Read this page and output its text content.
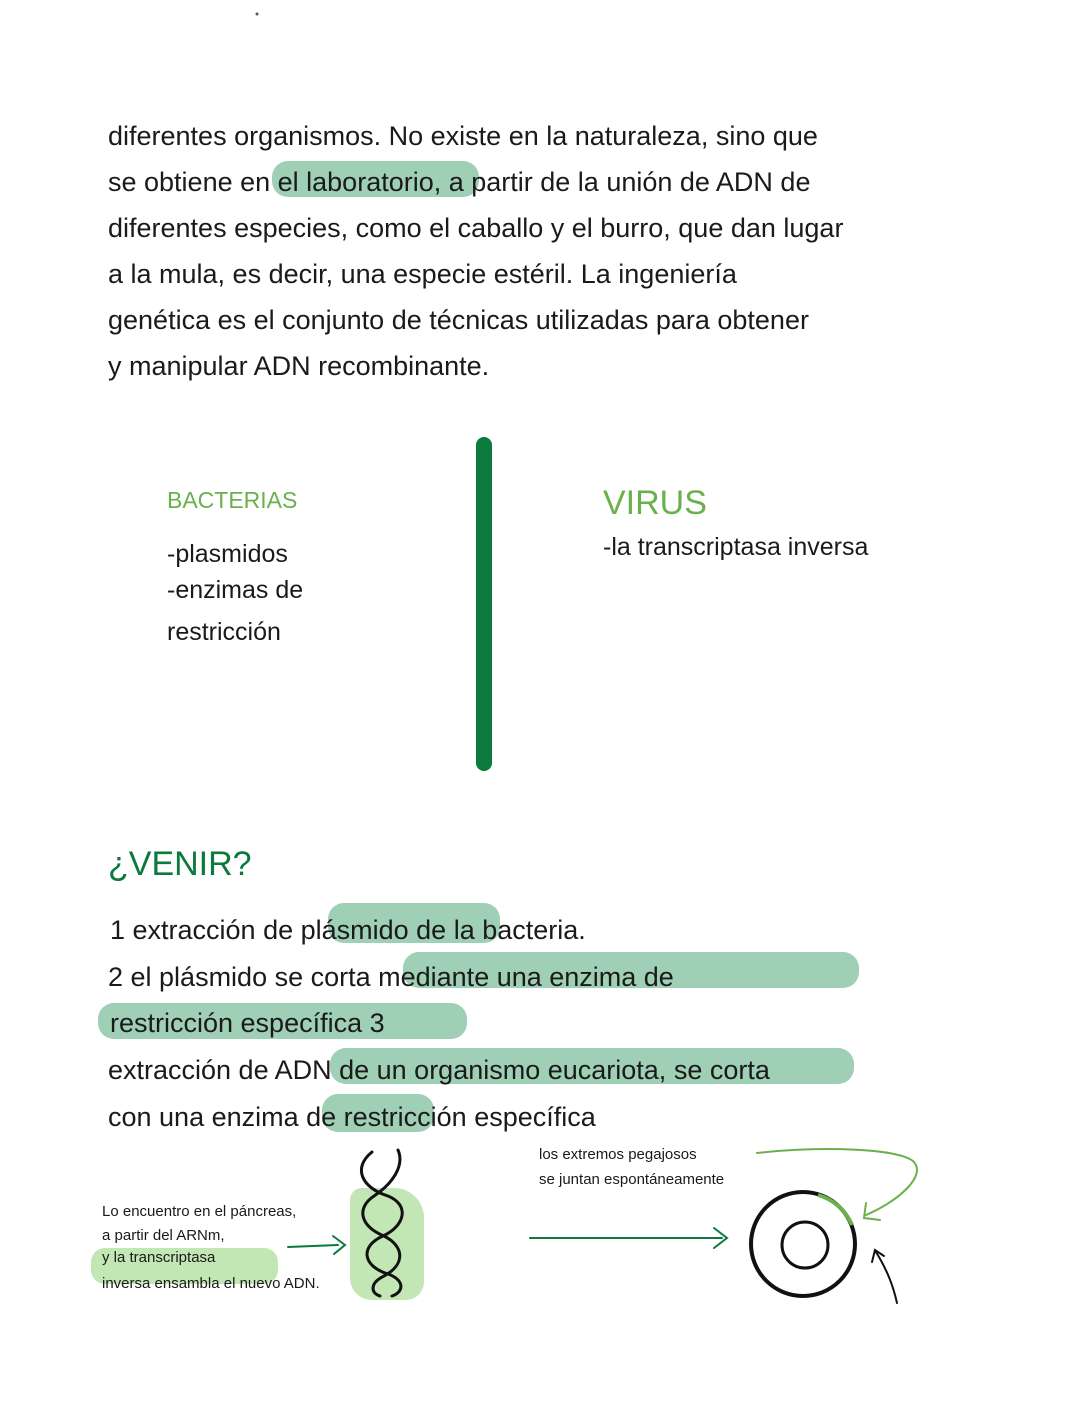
diferentes organismos. No existe en la naturaleza, sino que
se obtiene en el laboratorio, a partir de la unión de ADN de
diferentes especies, como el caballo y el burro, que dan lugar
a la mula, es decir, una especie estéril. La ingeniería
genética es el conjunto de técnicas utilizadas para obtener
y manipular ADN recombinante.
BACTERIAS
-plasmidos
-enzimas de
restricción
VIRUS
-la transcriptasa inversa
¿VENIR?
1 extracción de plásmido de la bacteria.
2 el plásmido se corta mediante una enzima de
restricción específica 3
extracción de ADN de un organismo eucariota, se corta
con una enzima de restricción específica
Lo encuentro en el páncreas,
a partir del ARNm,
y la transcriptasa
inversa ensambla el nuevo ADN.
los extremos pegajosos
se juntan espontáneamente
